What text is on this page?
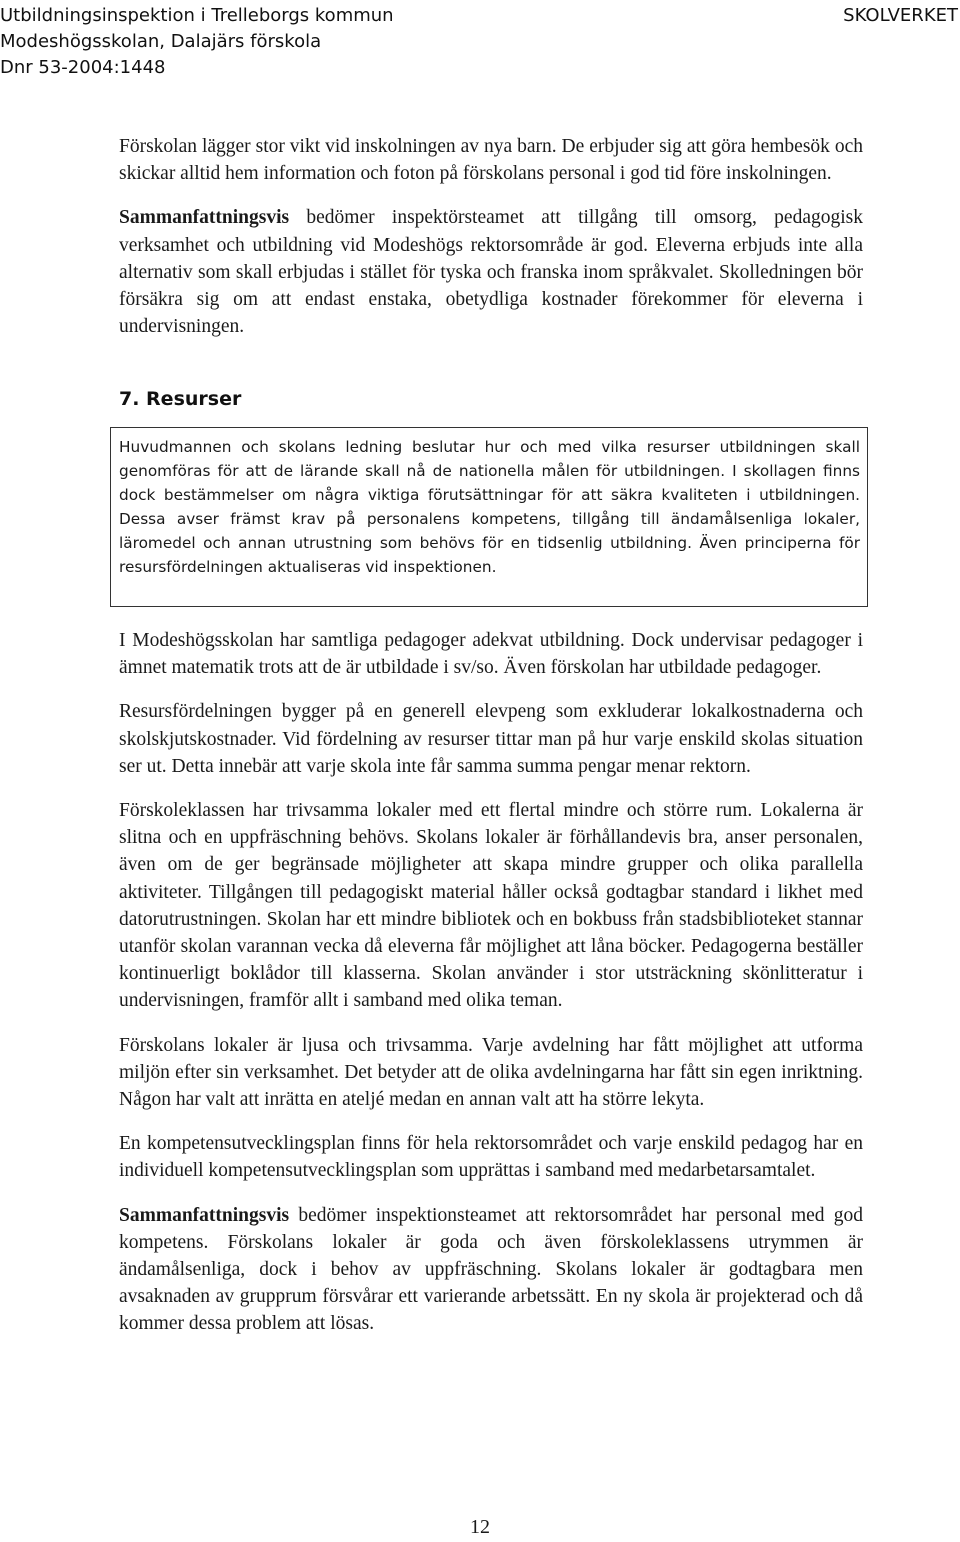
Utbildningsinspektion i Trelleborgs kommun
Modeshögsskolan, Dalajärs förskola
Dnr 53-2004:1448
SKOLVERKET

Förskolan lägger stor vikt vid inskolningen av nya barn. De erbjuder sig att göra hembesök och skickar alltid hem information och foton på förskolans personal i god tid före inskolningen.

Sammanfattningsvis bedömer inspektörsteamet att tillgång till omsorg, pedagogisk verksamhet och utbildning vid Modeshögs rektorsområde är god. Eleverna erbjuds inte alla alternativ som skall erbjudas i stället för tyska och franska inom språkvalet. Skolledningen bör försäkra sig om att endast enstaka, obetydliga kostnader förekommer för eleverna i undervisningen.

7. Resurser

Huvudmannen och skolans ledning beslutar hur och med vilka resurser utbildningen skall genomföras för att de lärande skall nå de nationella målen för utbildningen. I skollagen finns dock bestämmelser om några viktiga förutsättningar för att säkra kvaliteten i utbildningen. Dessa avser främst krav på personalens kompetens, tillgång till ändamålsenliga lokaler, läromedel och annan utrustning som behövs för en tidsenlig utbildning. Även principerna för resursfördelningen aktualiseras vid inspektionen.

I Modeshögsskolan har samtliga pedagoger adekvat utbildning. Dock undervisar pedagoger i ämnet matematik trots att de är utbildade i sv/so. Även förskolan har utbildade pedagoger.

Resursfördelningen bygger på en generell elevpeng som exkluderar lokalkostnaderna och skolskjutskostnader. Vid fördelning av resurser tittar man på hur varje enskild skolas situation ser ut. Detta innebär att varje skola inte får samma summa pengar menar rektorn.

Förskoleklassen har trivsamma lokaler med ett flertal mindre och större rum. Lokalerna är slitna och en uppfräschning behövs. Skolans lokaler är förhållandevis bra, anser personalen, även om de ger begränsade möjligheter att skapa mindre grupper och olika parallella aktiviteter. Tillgången till pedagogiskt material håller också godtagbar standard i likhet med datorutrustningen. Skolan har ett mindre bibliotek och en bokbuss från stadsbiblioteket stannar utanför skolan varannan vecka då eleverna får möjlighet att låna böcker. Pedagogerna beställer kontinuerligt boklådor till klasserna. Skolan använder i stor utsträckning skönlitteratur i undervisningen, framför allt i samband med olika teman.

Förskolans lokaler är ljusa och trivsamma. Varje avdelning har fått möjlighet att utforma miljön efter sin verksamhet. Det betyder att de olika avdelningarna har fått sin egen inriktning. Någon har valt att inrätta en ateljé medan en annan valt att ha större lekyta.

En kompetensutvecklingsplan finns för hela rektorsområdet och varje enskild pedagog har en individuell kompetensutvecklingsplan som upprättas i samband med medarbetarsamtalet.

Sammanfattningsvis bedömer inspektionsteamet att rektorsområdet har personal med god kompetens. Förskolans lokaler är goda och även förskoleklassens utrymmen är ändamålsenliga, dock i behov av uppfräschning. Skolans lokaler är godtagbara men avsaknaden av grupprum försvårar ett varierande arbetssätt. En ny skola är projekterad och då kommer dessa problem att lösas.

12
